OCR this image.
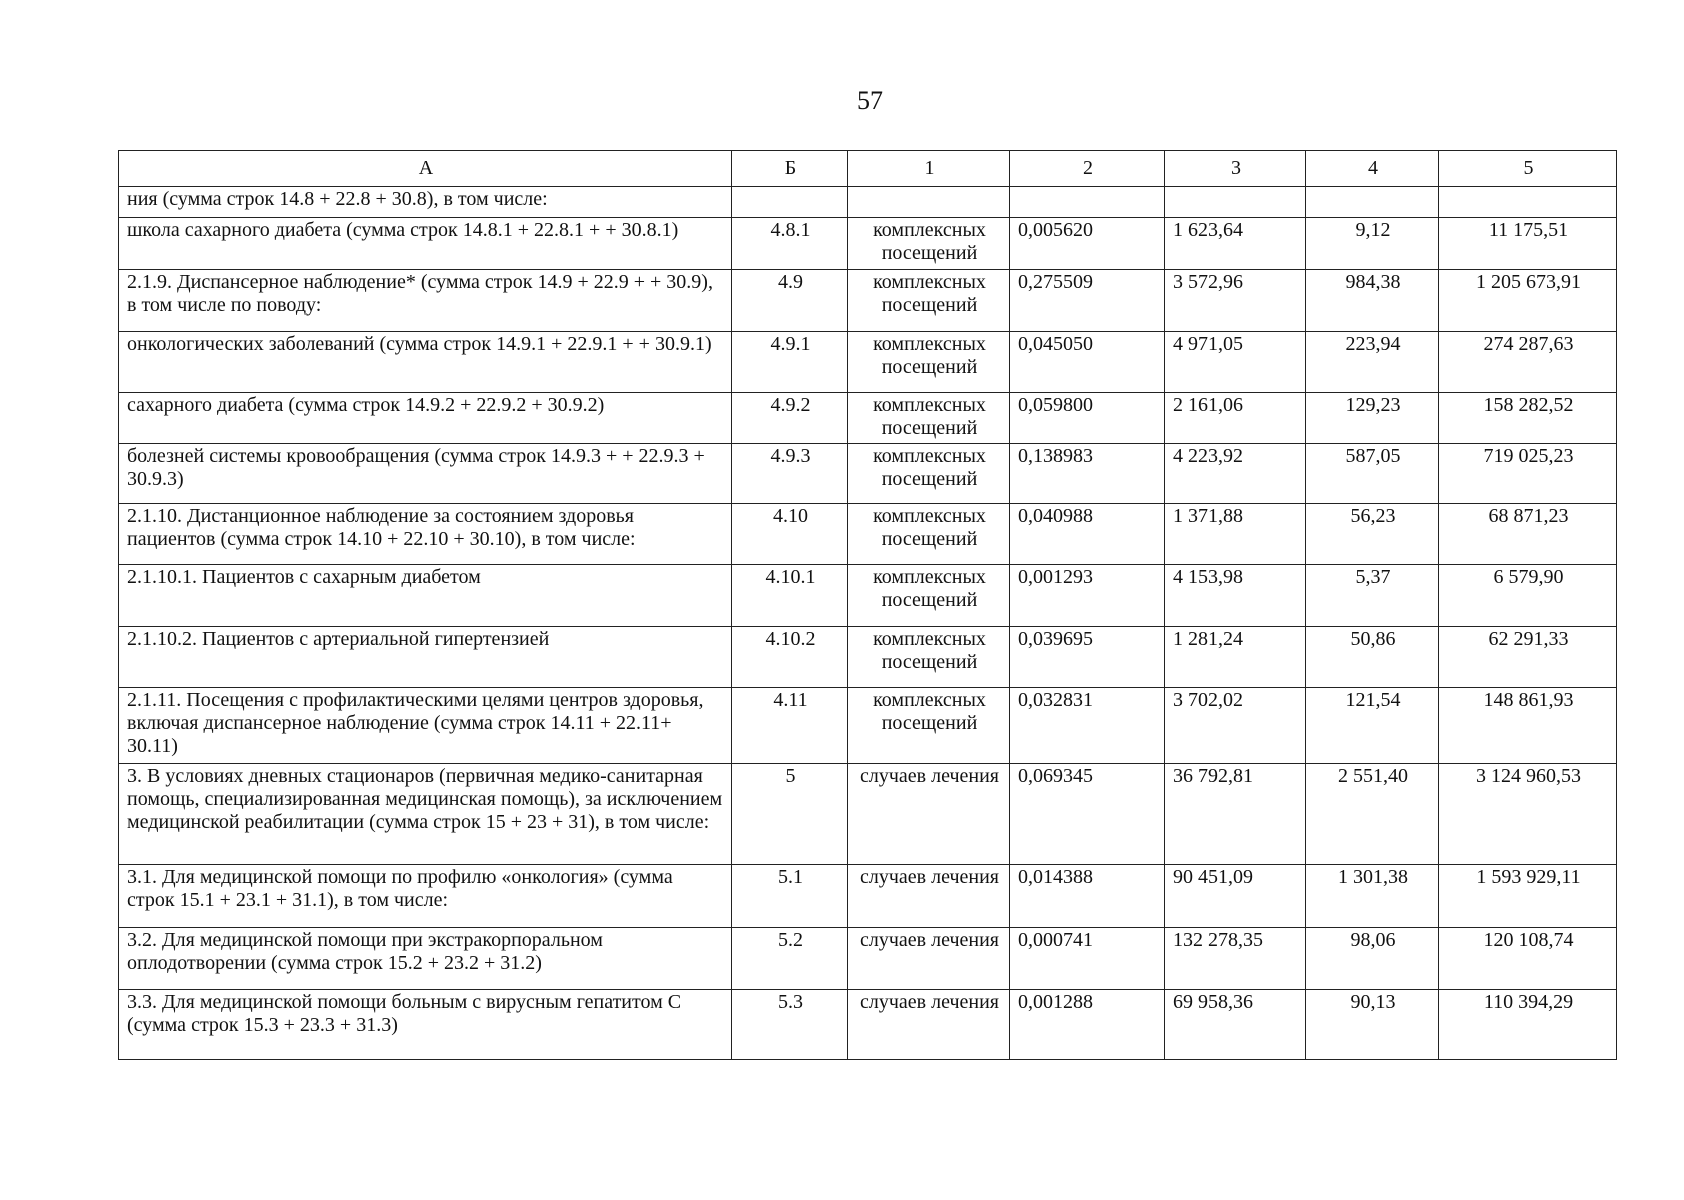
57
А	Б	1	2	3	4	5
ния (сумма строк 14.8 + 22.8 + 30.8), в том числе:						
школа сахарного диабета (сумма строк 14.8.1 + 22.8.1 + + 30.8.1)	4.8.1	комплексных посещений	0,005620	1 623,64	9,12	11 175,51
2.1.9. Диспансерное наблюдение* (сумма строк 14.9 + 22.9 + + 30.9), в том числе по поводу:	4.9	комплексных посещений	0,275509	3 572,96	984,38	1 205 673,91
онкологических заболеваний (сумма строк 14.9.1 + 22.9.1 + + 30.9.1)	4.9.1	комплексных посещений	0,045050	4 971,05	223,94	274 287,63
сахарного диабета (сумма строк 14.9.2 + 22.9.2 + 30.9.2)	4.9.2	комплексных посещений	0,059800	2 161,06	129,23	158 282,52
болезней системы кровообращения (сумма строк 14.9.3 + + 22.9.3 + 30.9.3)	4.9.3	комплексных посещений	0,138983	4 223,92	587,05	719 025,23
2.1.10. Дистанционное наблюдение за состоянием здоровья пациентов (сумма строк 14.10 + 22.10 + 30.10), в том числе:	4.10	комплексных посещений	0,040988	1 371,88	56,23	68 871,23
2.1.10.1. Пациентов с сахарным диабетом	4.10.1	комплексных посещений	0,001293	4 153,98	5,37	6 579,90
2.1.10.2. Пациентов с артериальной гипертензией	4.10.2	комплексных посещений	0,039695	1 281,24	50,86	62 291,33
2.1.11. Посещения с профилактическими целями центров здоровья, включая диспансерное наблюдение (сумма строк 14.11 + 22.11+ 30.11)	4.11	комплексных посещений	0,032831	3 702,02	121,54	148 861,93
3. В условиях дневных стационаров (первичная медико-санитарная помощь, специализированная медицинская помощь), за исключением медицинской реабилитации (сумма строк 15 + 23 + 31), в том числе:	5	случаев лечения	0,069345	36 792,81	2 551,40	3 124 960,53
3.1. Для медицинской помощи по профилю «онкология» (сумма строк 15.1 + 23.1 + 31.1), в том числе:	5.1	случаев лечения	0,014388	90 451,09	1 301,38	1 593 929,11
3.2. Для медицинской помощи при экстракорпоральном оплодотворении (сумма строк 15.2 + 23.2 + 31.2)	5.2	случаев лечения	0,000741	132 278,35	98,06	120 108,74
3.3. Для медицинской помощи больным с вирусным гепатитом С (сумма строк 15.3 + 23.3 + 31.3)	5.3	случаев лечения	0,001288	69 958,36	90,13	110 394,29
